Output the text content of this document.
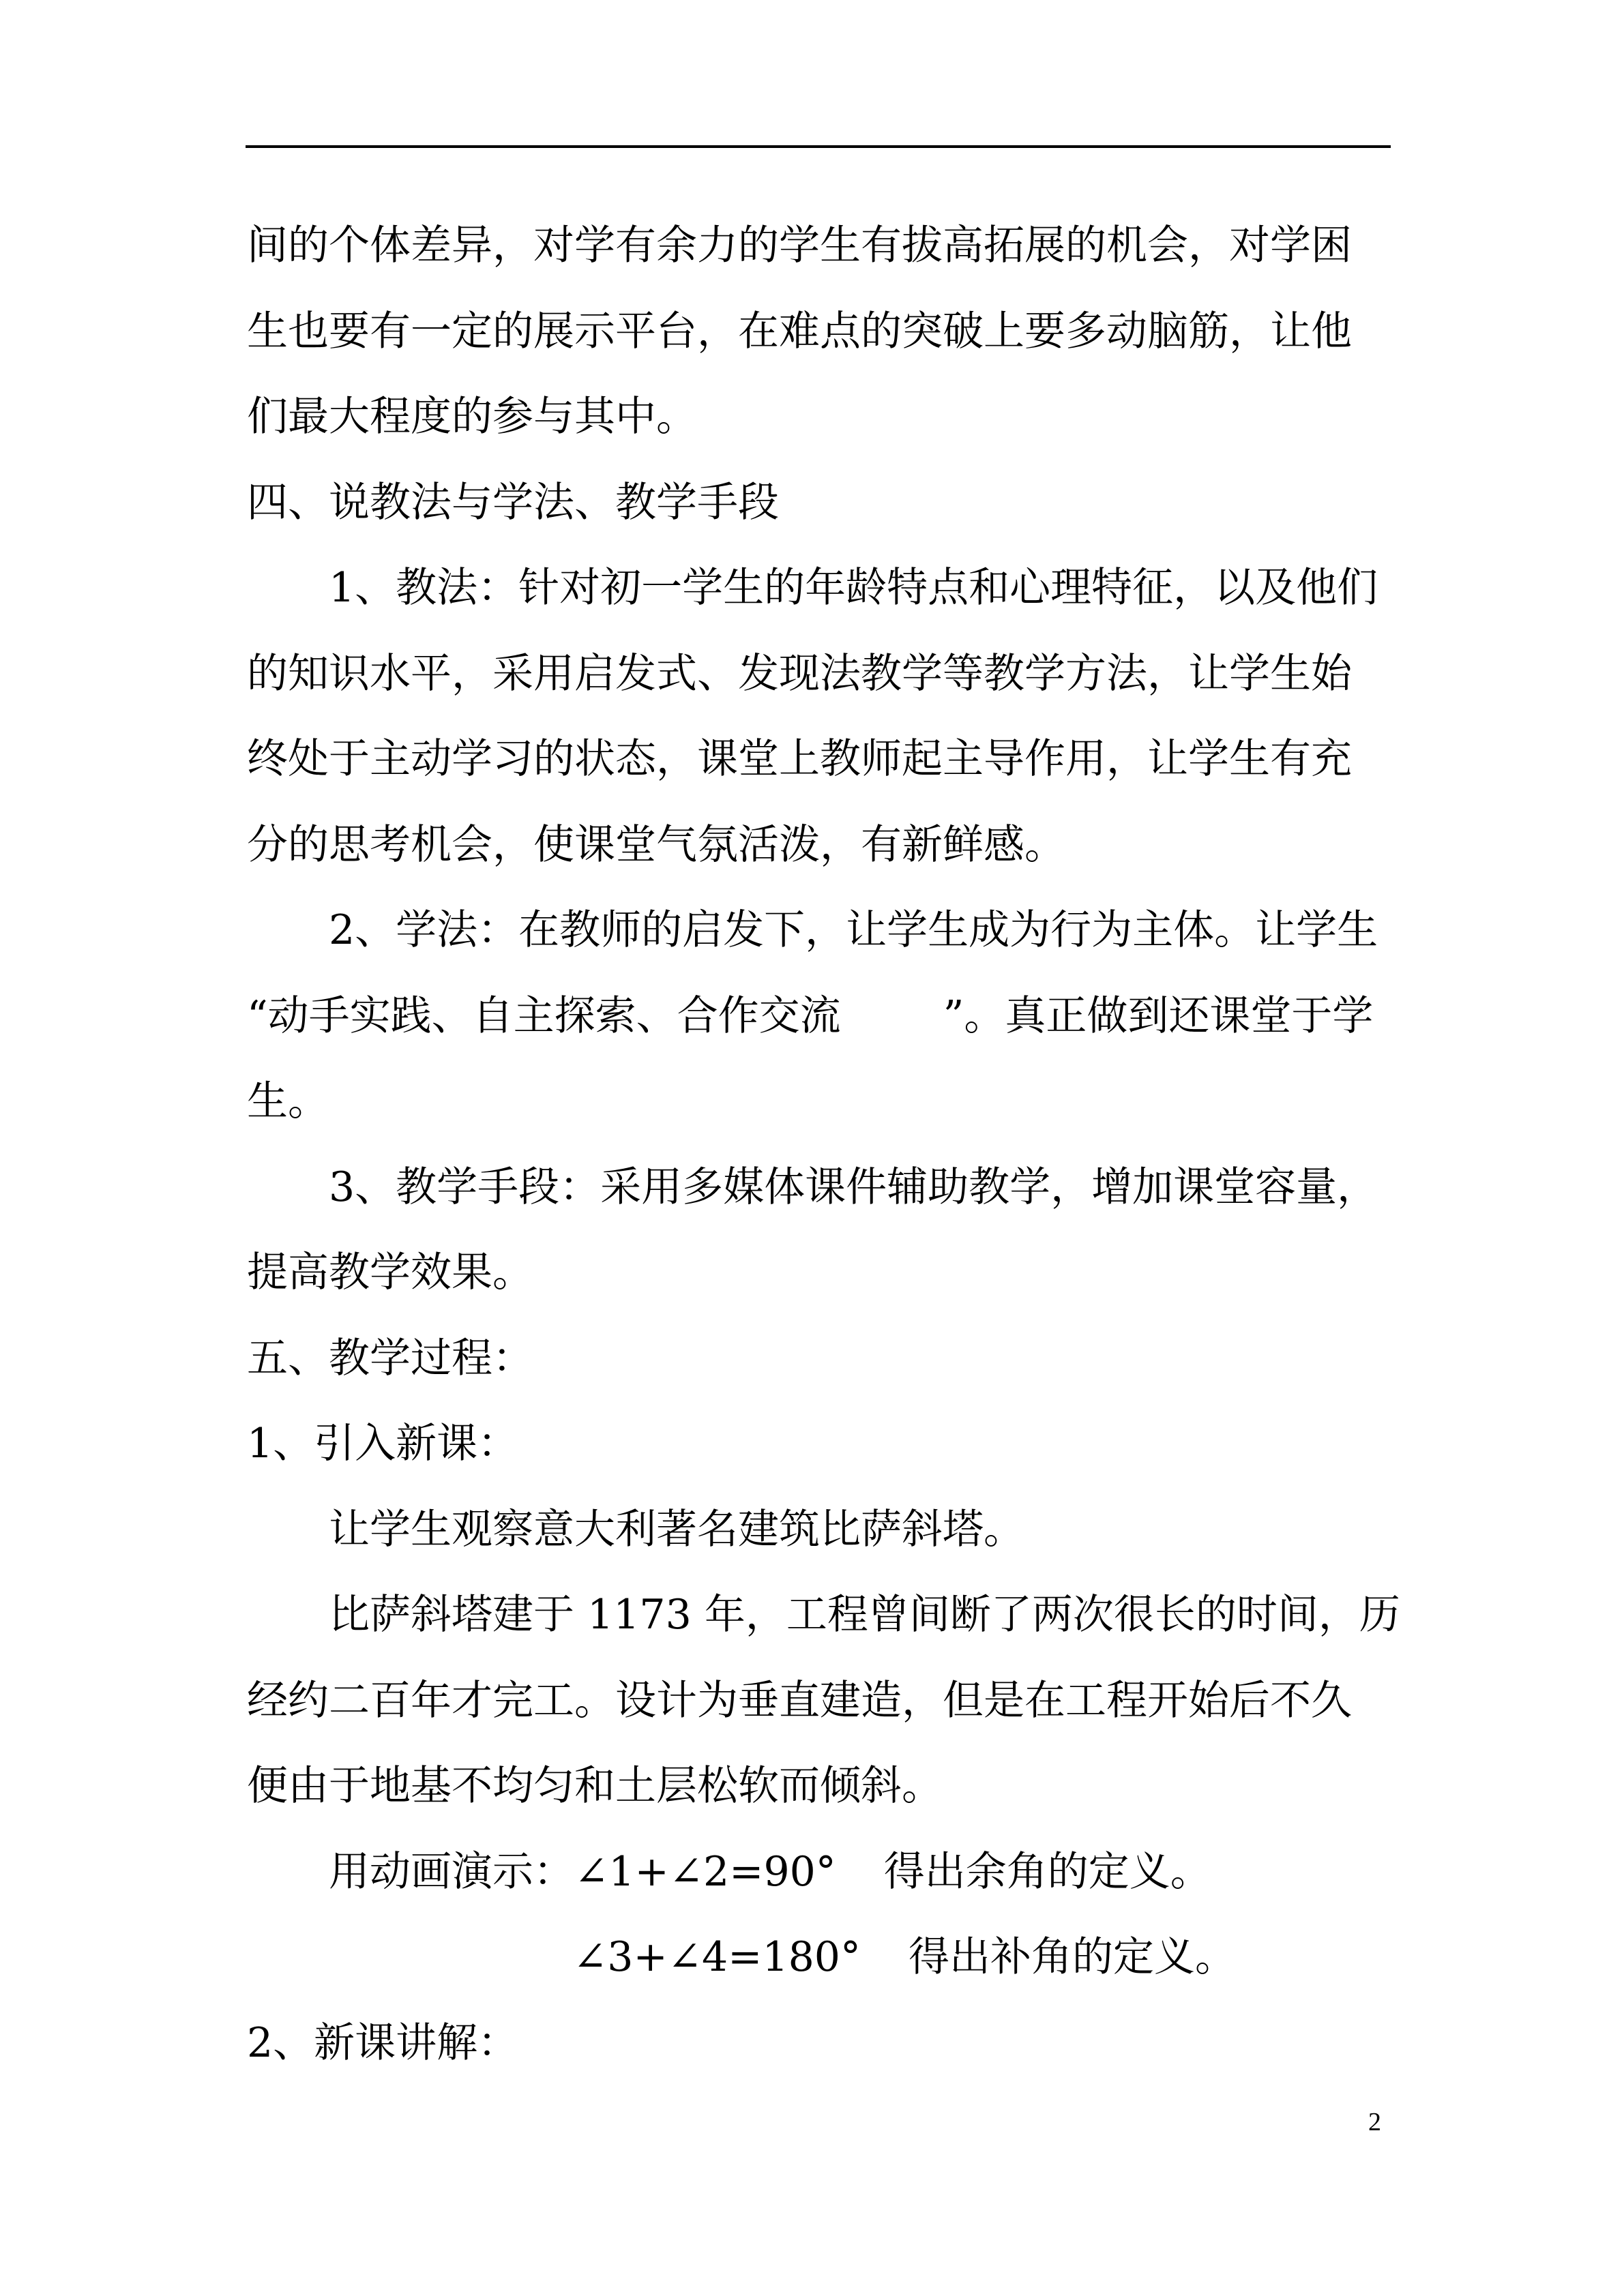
间的个体差异，对学有余力的学生有拔高拓展的机会，对学困
生也要有一定的展示平台，在难点的突破上要多动脑筋，让他
们最大程度的参与其中。
四、说教法与学法、教学手段
1、教法：针对初一学生的年龄特点和心理特征，以及他们
的知识水平，采用启发式、发现法教学等教学方法，让学生始
终处于主动学习的状态，课堂上教师起主导作用，让学生有充
分的思考机会，使课堂气氛活泼，有新鲜感。
2、学法：在教师的启发下，让学生成为行为主体。让学生
“动手实践、自主探索、合作交流	”。真正做到还课堂于学
生。
3、教学手段：采用多媒体课件辅助教学，增加课堂容量，
提高教学效果。
五、教学过程：
1、引入新课：
让学生观察意大利著名建筑比萨斜塔。
比萨斜塔建于 1173 年，工程曾间断了两次很长的时间，历
经约二百年才完工。设计为垂直建造，但是在工程开始后不久
便由于地基不均匀和土层松软而倾斜。
用动画演示：∠1+∠2=90° 得出余角的定义。
∠3+∠4=180° 得出补角的定义。
2、新课讲解：
2
